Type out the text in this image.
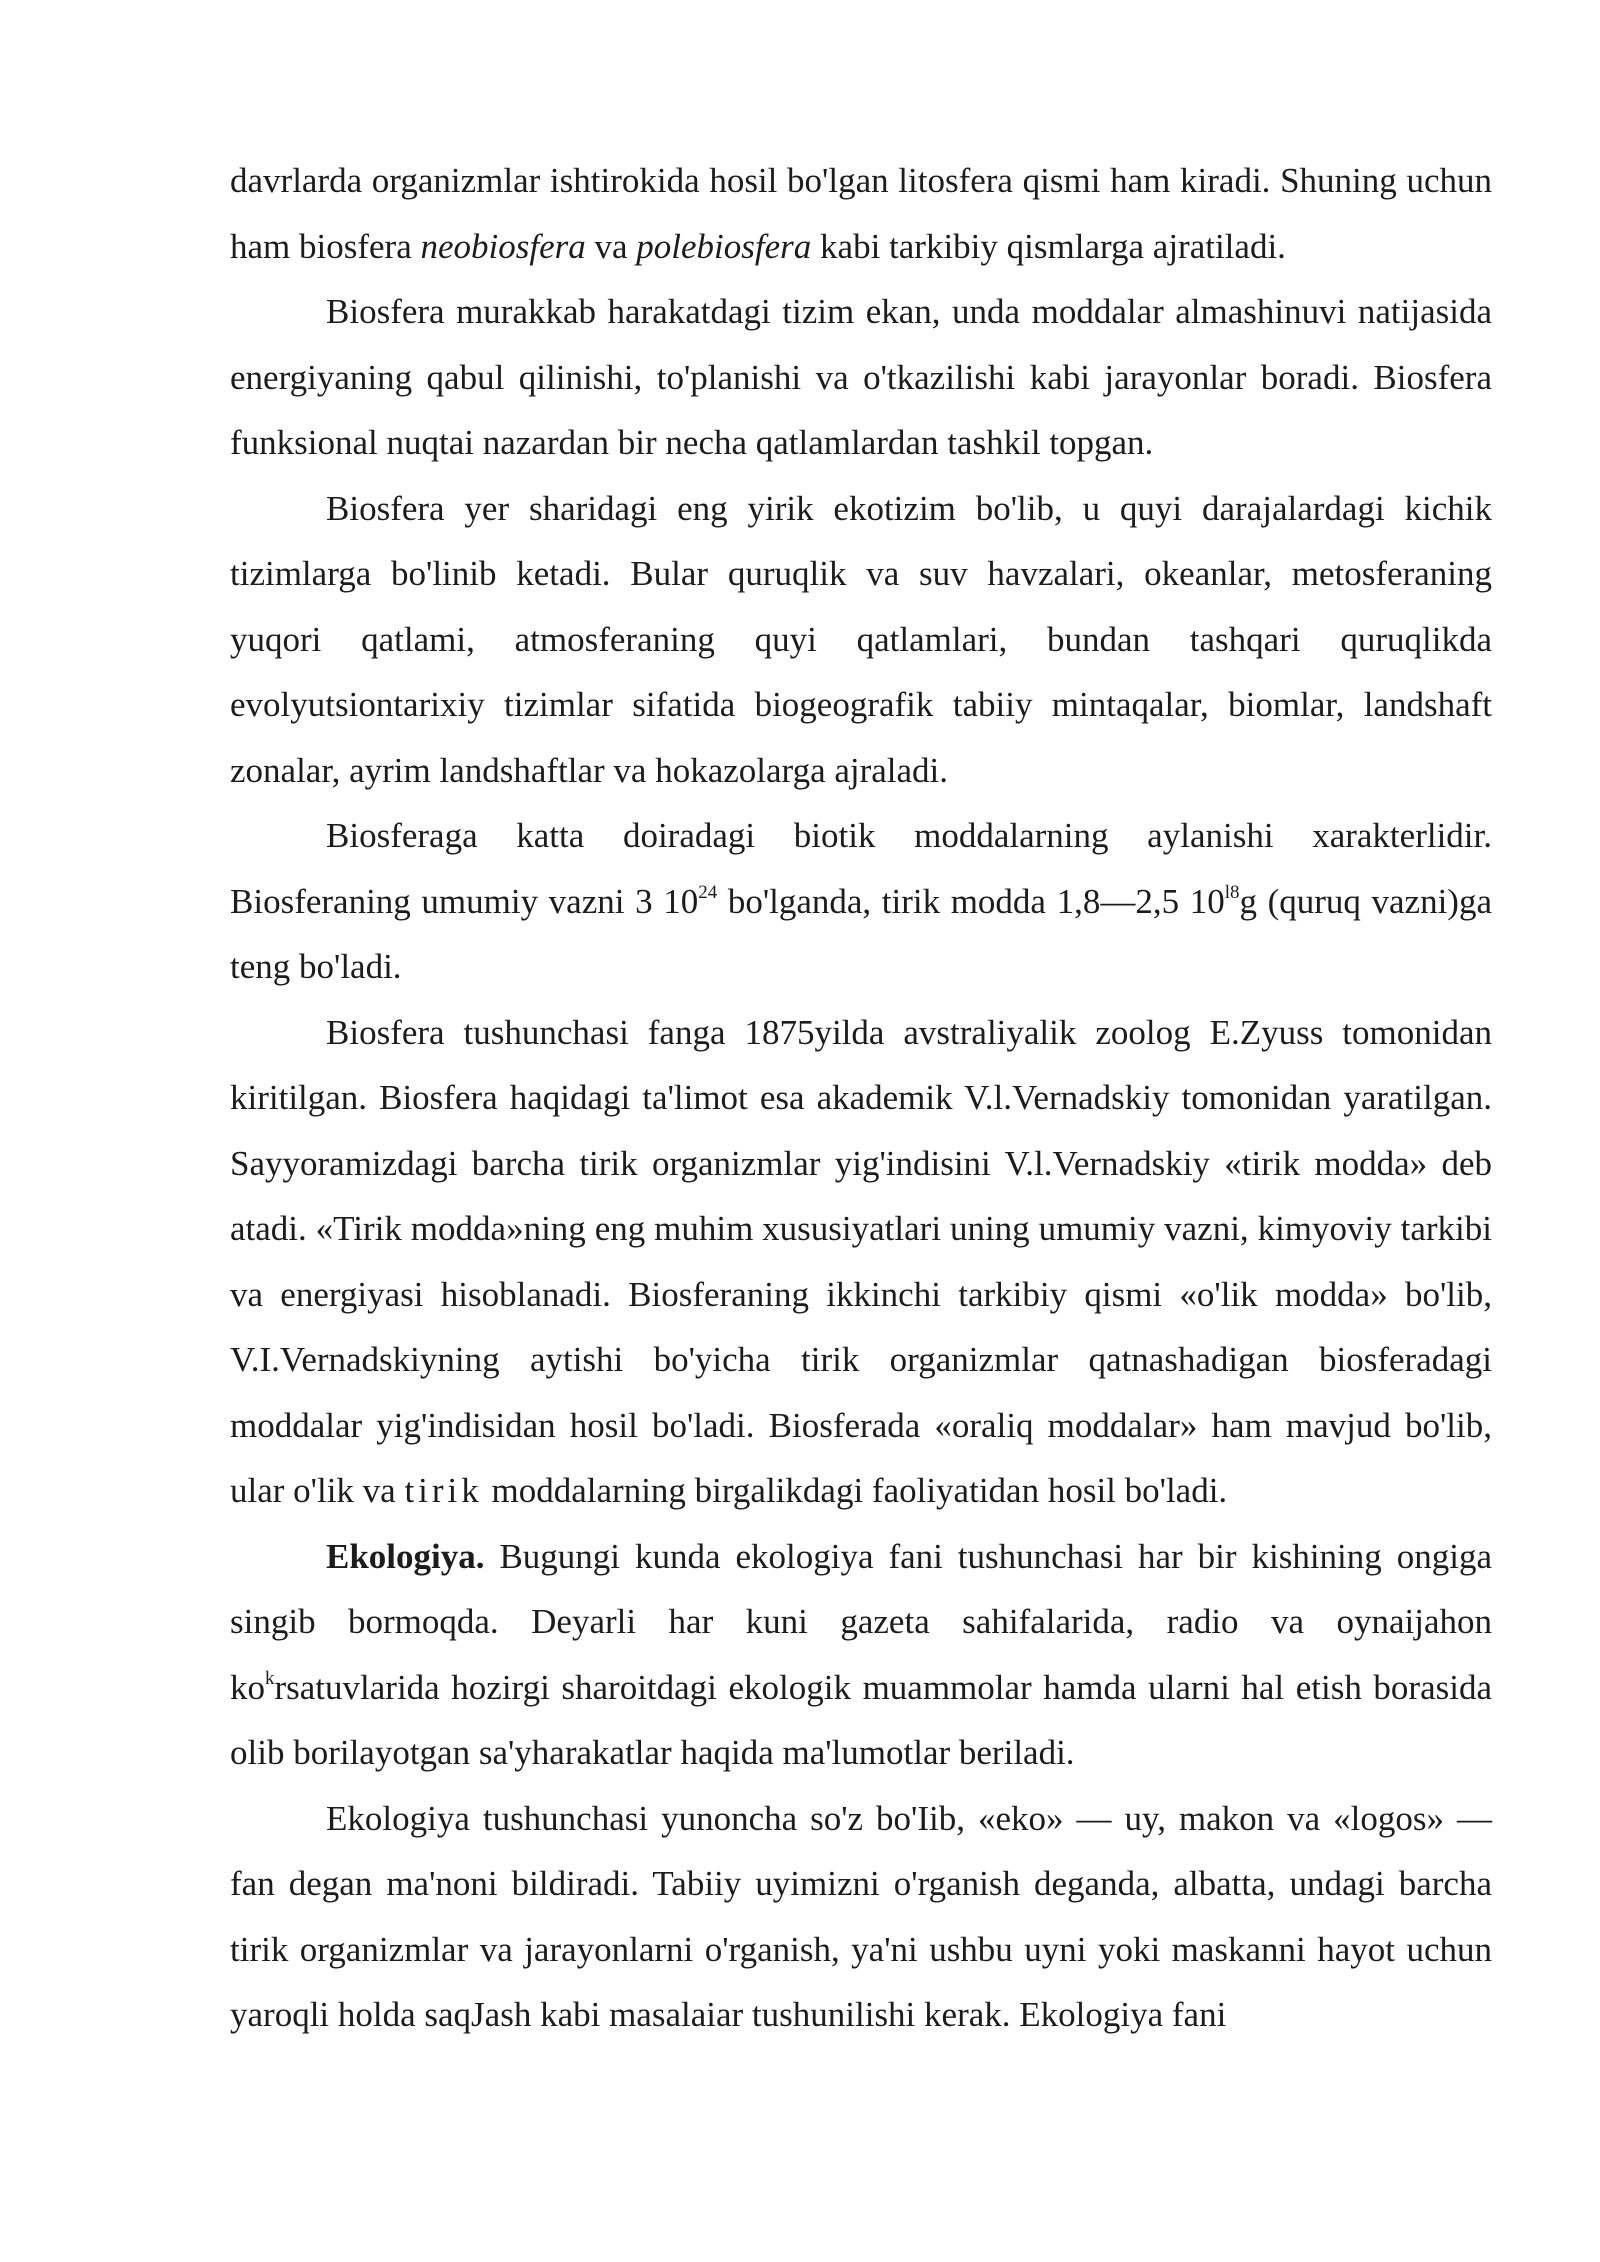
davrlarda organizmlar ishtirokida hosil bo'lgan litosfera qismi ham kiradi. Shuning uchun ham biosfera neobiosfera va polebiosfera kabi tarkibiy qismlarga ajratiladi.

Biosfera murakkab harakatdagi tizim ekan, unda moddalar almashinuvi natijasida energiyaning qabul qilinishi, to'planishi va o'tkazilishi kabi jarayonlar boradi. Biosfera funksional nuqtai nazardan bir necha qatlamlardan tashkil topgan.

Biosfera yer sharidagi eng yirik ekotizim bo'lib, u quyi darajalardagi kichik tizimlarga bo'linib ketadi. Bular quruqlik va suv havzalari, okeanlar, metosferaning yuqori qatlami, atmosferaning quyi qatlamlari, bundan tashqari quruqlikda evolyutsiontarixiy tizimlar sifatida biogeografik tabiiy mintaqalar, biomlar, landshaft zonalar, ayrim landshaftlar va hokazolarga ajraladi.

Biosferaga katta doiradagi biotik moddalarning aylanishi xarakterlidir. Biosferaning umumiy vazni 3 $10^{24}$ bo'lganda, tirik modda 1,8—2,5 $10^{l8}g$ (quruq vazni)ga teng bo'ladi.

Biosfera tushunchasi fanga 1875yilda avstraliyalik zoolog E.Zyuss tomonidan kiritilgan. Biosfera haqidagi ta'limot esa akademik V.l.Vernadskiy tomonidan yaratilgan. Sayyoramizdagi barcha tirik organizmlar yig'indisini V.l.Vernadskiy «tirik modda» deb atadi. «Tirik modda»ning eng muhim xususiyatlari uning umumiy vazni, kimyoviy tarkibi va energiyasi hisoblanadi. Biosferaning ikkinchi tarkibiy qismi «o'lik modda» bo'lib, V.I.Vernadskiyning aytishi bo'yicha tirik organizmlar qatnashadigan biosferadagi moddalar yig'indisidan hosil bo'ladi. Biosferada «oraliq moddalar» ham mavjud bo'lib, ular o'lik va tirik moddalarning birgalikdagi faoliyatidan hosil bo'ladi.

Ekologiya. Bugungi kunda ekologiya fani tushunchasi har bir kishining ongiga singib bormoqda. Deyarli har kuni gazeta sahifalarida, radio va oynaijahon $ko^krsatuvlarida$ hozirgi sharoitdagi ekologik muammolar hamda ularni hal etish borasida olib borilayotgan sa'yharakatlar haqida ma'lumotlar beriladi.

Ekologiya tushunchasi yunoncha so'z bo'Iib, «eko» — uy, makon va «logos» — fan degan ma'noni bildiradi. Tabiiy uyimizni o'rganish deganda, albatta, undagi barcha tirik organizmlar va jarayonlarni o'rganish, ya'ni ushbu uyni yoki maskanni hayot uchun yaroqli holda saqJash kabi masalaiar tushunilishi kerak. Ekologiya fani
